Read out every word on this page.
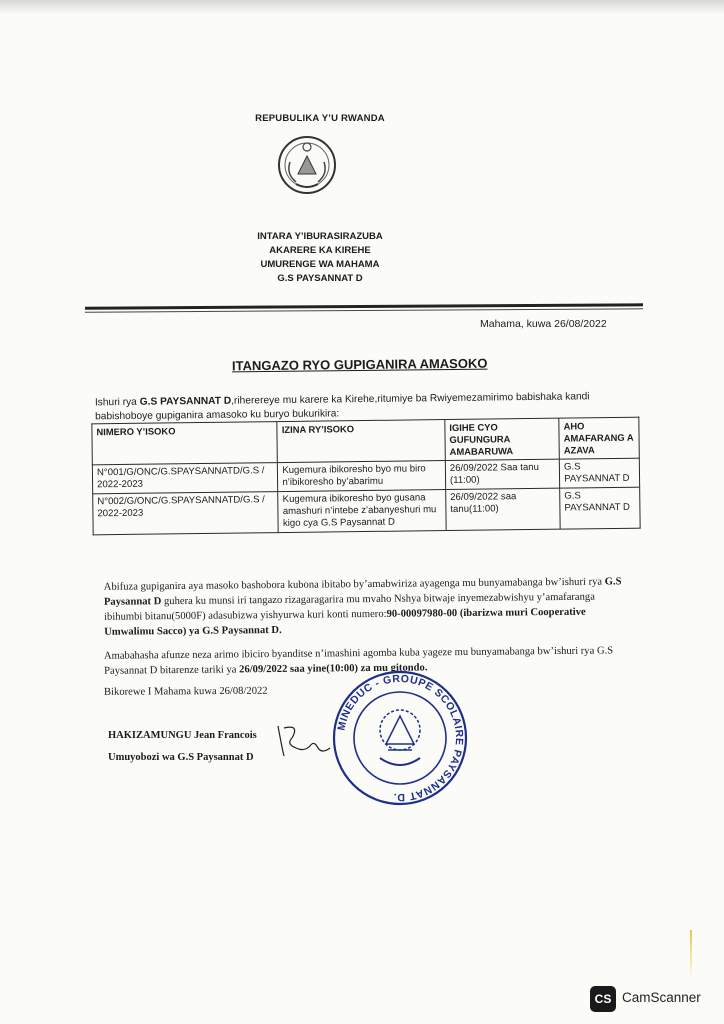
REPUBULIKA Y’U RWANDA
INTARA Y’IBURASIRAZUBA
AKARERE KA KIREHE
UMURENGE WA MAHAMA
G.S PAYSANNAT D
Mahama, kuwa 26/08/2022
ITANGAZO RYO GUPIGANIRA AMASOKO
Ishuri rya G.S PAYSANNAT D,riherereye mu karere ka Kirehe,ritumiye ba Rwiyemezamirimo babishaka kandi babishoboye gupiganira amasoko ku buryo bukurikira:
NIMERO Y’ISOKO	IZINA RY’ISOKO	IGIHE CYO GUFUNGURA AMABARUWA	AHO AMAFARANG A AZAVA
N°001/G/ONC/G.SPAYSANNATD/G.S / 2022-2023	Kugemura ibikoresho byo mu biro n’ibikoresho by’abarimu	26/09/2022 Saa tanu (11:00)	G.S PAYSANNAT D
N°002/G/ONC/G.SPAYSANNATD/G.S / 2022-2023	Kugemura ibikoresho byo gusana amashuri n’intebe z’abanyeshuri mu kigo cya G.S Paysannat D	26/09/2022 saa tanu(11:00)	G.S PAYSANNAT D
Abifuza gupiganira aya masoko bashobora kubona ibitabo by’amabwiriza ayagenga mu bunyamabanga bw’ishuri rya G.S Paysannat D guhera ku munsi iri tangazo rizagaragarira mu mvaho Nshya bitwaje inyemezabwishyu y’amafaranga ibihumbi bitanu(5000F) adasubizwa yishyurwa kuri konti numero:90-00097980-00 (ibarizwa muri Cooperative Umwalimu Sacco) ya G.S Paysannat D.
Amabahasha afunze neza arimo ibiciro byanditse n’imashini agomba kuba yageze mu bunyamabanga bw’ishuri rya G.S Paysannat D bitarenze tariki ya 26/09/2022 saa yine(10:00) za mu gitondo.
Bikorewe I Mahama kuwa 26/08/2022
HAKIZAMUNGU Jean Francois
Umuyobozi wa G.S Paysannat D
MINEDUC - GROUPE SCOLAIRE PAYSANNAT D.
CS CamScanner
